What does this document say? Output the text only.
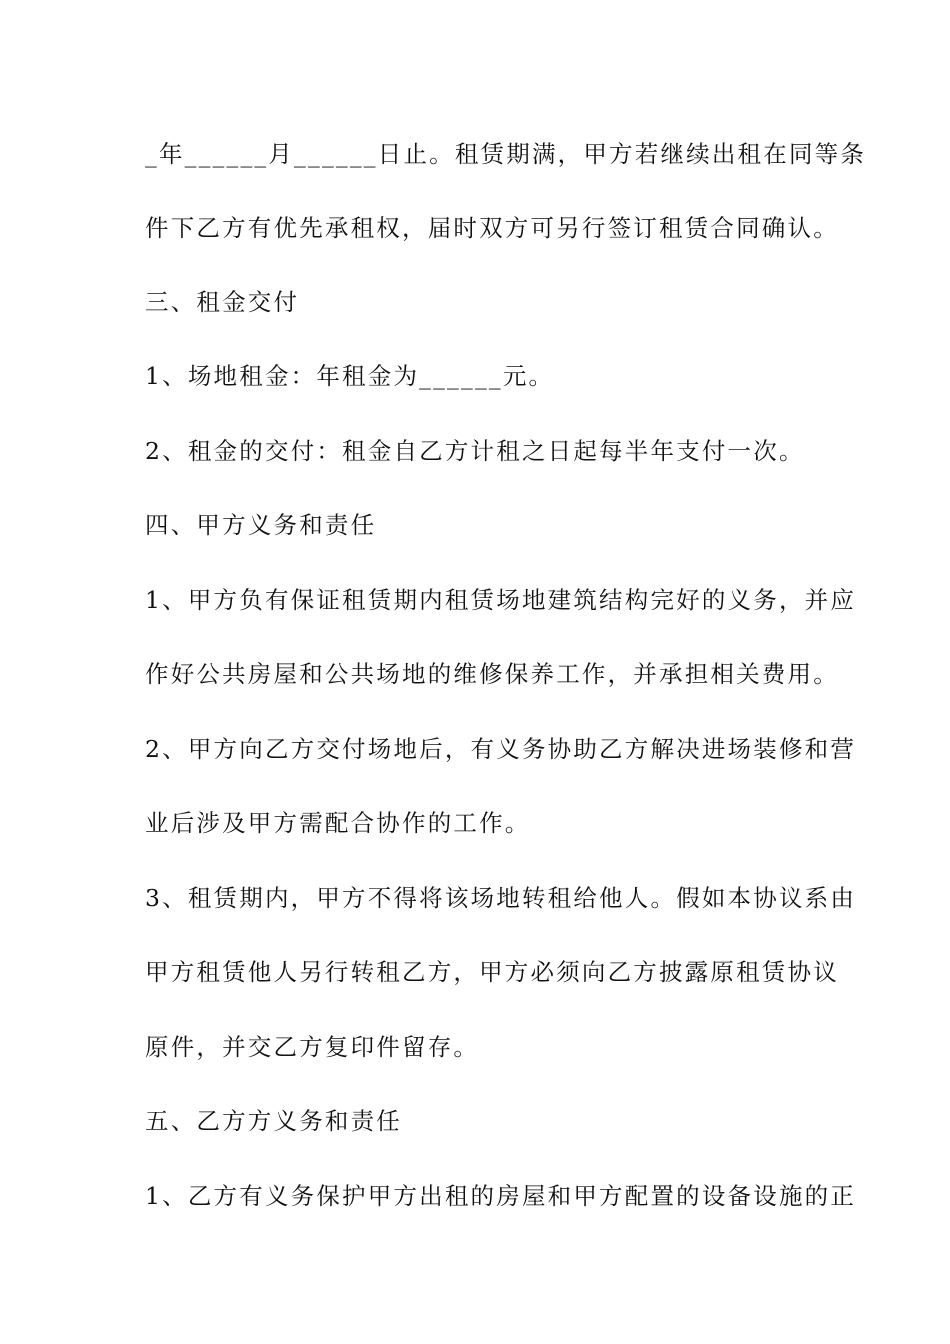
_年______月______日止。租赁期满，甲方若继续出租在同等条
件下乙方有优先承租权，届时双方可另行签订租赁合同确认。
三、租金交付
1、场地租金：年租金为______元。
2、租金的交付：租金自乙方计租之日起每半年支付一次。
四、甲方义务和责任
1、甲方负有保证租赁期内租赁场地建筑结构完好的义务，并应
作好公共房屋和公共场地的维修保养工作，并承担相关费用。
2、甲方向乙方交付场地后，有义务协助乙方解决进场装修和营
业后涉及甲方需配合协作的工作。
3、租赁期内，甲方不得将该场地转租给他人。假如本协议系由
甲方租赁他人另行转租乙方，甲方必须向乙方披露原租赁协议
原件，并交乙方复印件留存。
五、乙方方义务和责任
1、乙方有义务保护甲方出租的房屋和甲方配置的设备设施的正
